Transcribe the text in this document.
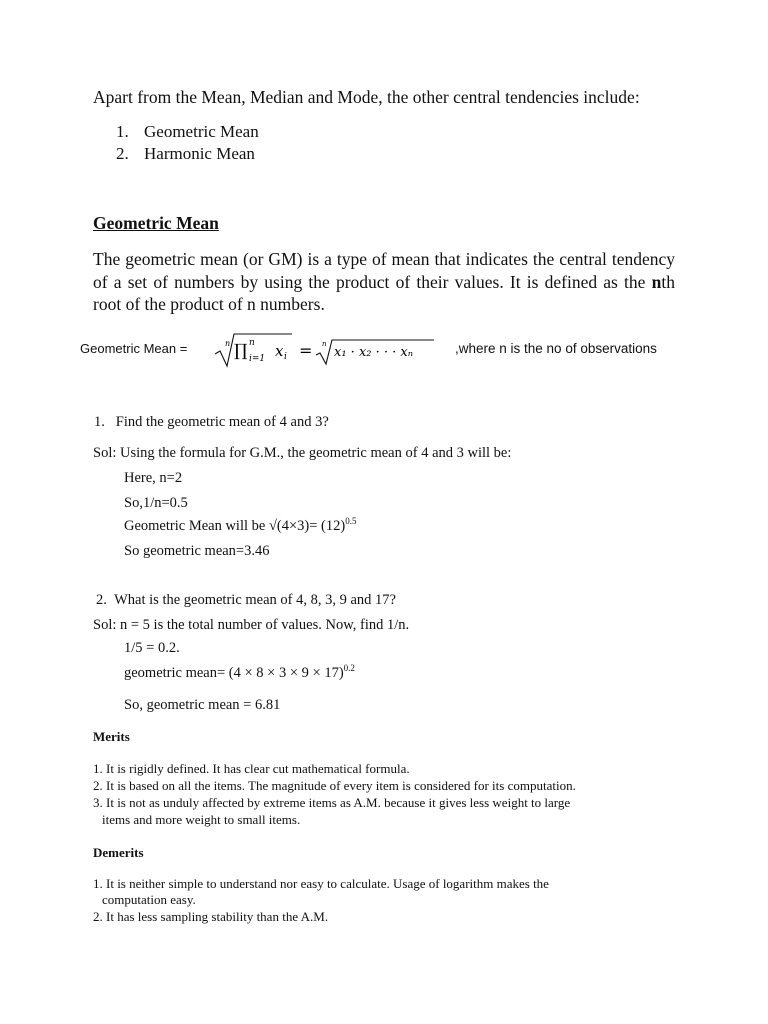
Apart from the Mean, Median and Mode, the other central tendencies include:
1. Geometric Mean
2. Harmonic Mean
Geometric Mean
The geometric mean (or GM) is a type of mean that indicates the central tendency of a set of numbers by using the product of their values. It is defined as the nth root of the product of n numbers.
Geometric Mean =	n ∏ n
i=1 x i = n
x₁ · x₂ · · · xₙ	,where n is the no of observations
1. Find the geometric mean of 4 and 3?
Sol: Using the formula for G.M., the geometric mean of 4 and 3 will be:
Here, n=2
So,1/n=0.5
Geometric Mean will be $√(4\times 3)= (12)^{0.5}$
So geometric mean=3.46
2. What is the geometric mean of 4, 8, 3, 9 and 17?
Sol: n = 5 is the total number of values. Now, find 1/n.
1/5 = 0.2.
geometric mean= $(4 \times 8 \times 3 \times 9 \times 17)^{0.2}$
So, geometric mean = 6.81
Merits
1. It is rigidly defined. It has clear cut mathematical formula.
2. It is based on all the items. The magnitude of every item is considered for its computation.
3. It is not as unduly affected by extreme items as A.M. because it gives less weight to large
items and more weight to small items.
Demerits
1. It is neither simple to understand nor easy to calculate. Usage of logarithm makes the
computation easy.
2. It has less sampling stability than the A.M.
